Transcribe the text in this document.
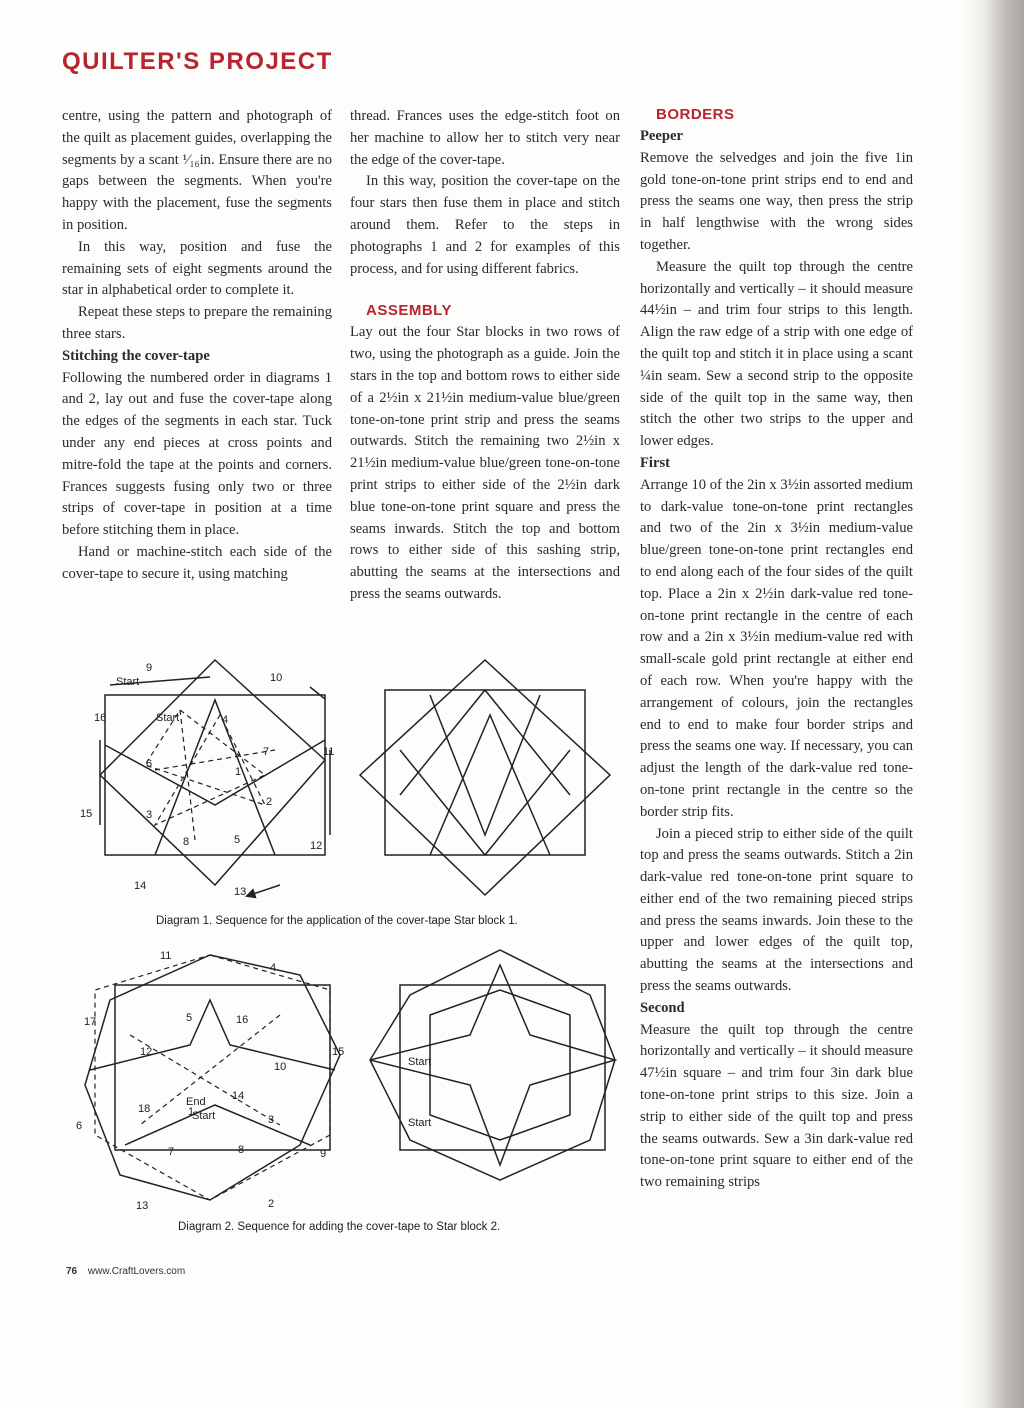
QUILTER'S PROJECT

centre, using the pattern and photograph of the quilt as placement guides, overlapping the segments by a scant ¹⁄₁₆in. Ensure there are no gaps between the segments. When you're happy with the placement, fuse the segments in position.

In this way, position and fuse the remaining sets of eight segments around the star in alphabetical order to complete it.

Repeat these steps to prepare the remaining three stars.

Stitching the cover-tape

Following the numbered order in diagrams 1 and 2, lay out and fuse the cover-tape along the edges of the segments in each star. Tuck under any end pieces at cross points and mitre-fold the tape at the points and corners. Frances suggests fusing only two or three strips of cover-tape in position at a time before stitching them in place.

Hand or machine-stitch each side of the cover-tape to secure it, using matching

thread. Frances uses the edge-stitch foot on her machine to allow her to stitch very near the edge of the cover-tape.

In this way, position the cover-tape on the four stars then fuse them in place and stitch around them. Refer to the steps in photographs 1 and 2 for examples of this process, and for using different fabrics.

ASSEMBLY

Lay out the four Star blocks in two rows of two, using the photograph as a guide. Join the stars in the top and bottom rows to either side of a 2½in x 21½in medium-value blue/green tone-on-tone print strip and press the seams outwards. Stitch the remaining two 2½in x 21½in medium-value blue/green tone-on-tone print strips to either side of the 2½in dark blue tone-on-tone print square and press the seams inwards. Stitch the top and bottom rows to either side of this sashing strip, abutting the seams at the intersections and press the seams outwards.

BORDERS

Peeper

Remove the selvedges and join the five 1in gold tone-on-tone print strips end to end and press the seams one way, then press the strip in half lengthwise with the wrong sides together.

Measure the quilt top through the centre horizontally and vertically – it should measure 44½in – and trim four strips to this length. Align the raw edge of a strip with one edge of the quilt top and stitch it in place using a scant ¼in seam. Sew a second strip to the opposite side of the quilt top in the same way, then stitch the other two strips to the upper and lower edges.

First

Arrange 10 of the 2in x 3½in assorted medium to dark-value tone-on-tone print rectangles and two of the 2in x 3½in medium-value blue/green tone-on-tone print rectangles end to end along each of the four sides of the quilt top. Place a 2in x 2½in dark-value red tone-on-tone print rectangle in the centre of each row and a 2in x 3½in medium-value red with small-scale gold print rectangle at either end of each row. When you're happy with the arrangement of colours, join the rectangles end to end to make four border strips and press the seams one way. If necessary, you can adjust the length of the dark-value red tone-on-tone print rectangle in the centre so the border strip fits.

Join a pieced strip to either side of the quilt top and press the seams outwards. Stitch a 2in dark-value red tone-on-tone print square to either end of the two remaining pieced strips and press the seams inwards. Join these to the upper and lower edges of the quilt top, abutting the seams at the intersections and press the seams outwards.

Second

Measure the quilt top through the centre horizontally and vertically – it should measure 47½in square – and trim four 3in dark blue tone-on-tone print strips to this size. Join a strip to either side of the quilt top and press the seams outwards. Sew a 3in dark-value red tone-on-tone print square to either end of the two remaining strips

9
Start	10
16	Start	4
7	11
6
1
2
15	3
8	5	12
14	13
Diagram 1. Sequence for the application of the cover-tape Star block 1.
11
4
17	5	16
15
12
10
End 14
18
Start	3
6
7	8	9
13	2
1
Start
Start
Diagram 2. Sequence for adding the cover-tape to Star block 2.
76 www.CraftLovers.com
